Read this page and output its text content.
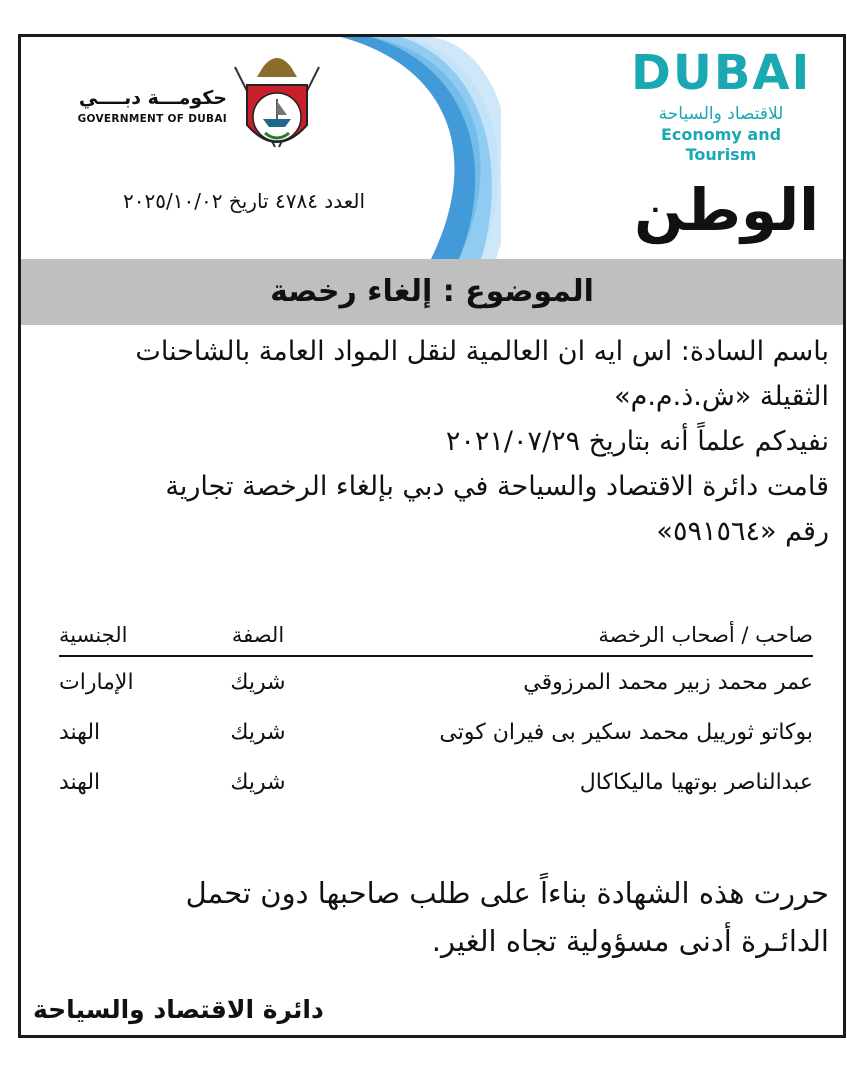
حكومـــة دبــــي
GOVERNMENT OF DUBAI
DUBAI
للاقتصاد والسياحة
Economy and Tourism
العدد ٤٧٨٤ تاريخ ٢٠٢٥/١٠/٠٢	الوطن
الموضوع : إلغاء رخصة

باسم السادة: اس ايه ان العالمية لنقل المواد العامة بالشاحنات

الثقيلة «ش.ذ.م.م»

نفيدكم علماً أنه بتاريخ ٢٠٢١/٠٧/٢٩

قامت دائرة الاقتصاد والسياحة في دبي بإلغاء الرخصة تجارية

رقم «٥٩١٥٦٤»

صاحب / أصحاب الرخصة
الصفة
الجنسية
عمر محمد زبير محمد المرزوقي
شريك
الإمارات
بوكاتو ثورييل محمد سكير بى فيران كوتى
شريك
الهند
عبدالناصر بوتهيا ماليكاكال
شريك
الهند

حررت هذه الشهادة بناءاً على طلب صاحبها دون تحمل

الدائـرة أدنى مسؤولية تجاه الغير.

دائرة الاقتصاد والسياحة
